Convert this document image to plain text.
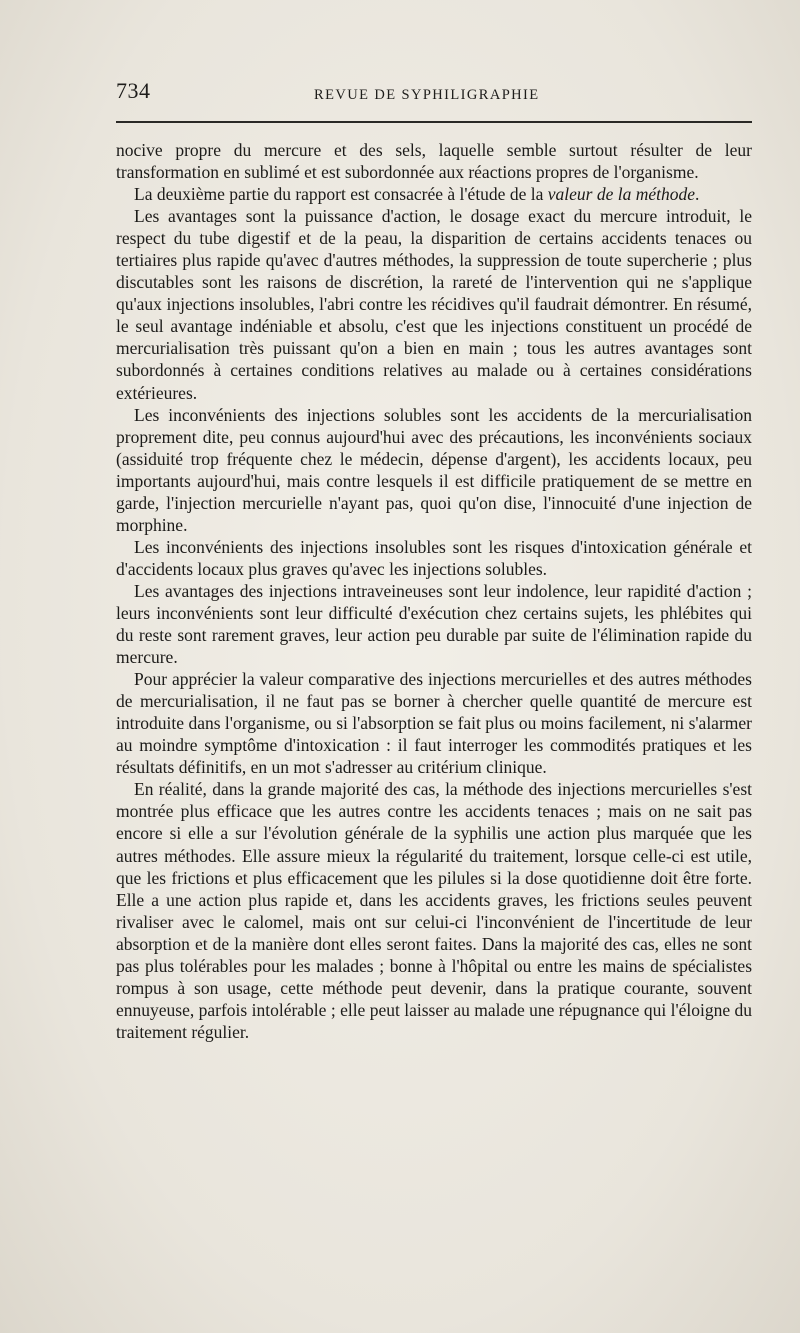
734	REVUE DE SYPHILIGRAPHIE

nocive propre du mercure et des sels, laquelle semble surtout résulter de leur transformation en sublimé et est subordonnée aux réactions propres de l'organisme.

La deuxième partie du rapport est consacrée à l'étude de la valeur de la méthode.

Les avantages sont la puissance d'action, le dosage exact du mercure introduit, le respect du tube digestif et de la peau, la disparition de certains accidents tenaces ou tertiaires plus rapide qu'avec d'autres méthodes, la suppression de toute supercherie ; plus discutables sont les raisons de discrétion, la rareté de l'intervention qui ne s'applique qu'aux injections insolubles, l'abri contre les récidives qu'il faudrait démontrer. En résumé, le seul avantage indéniable et absolu, c'est que les injections constituent un procédé de mercurialisation très puissant qu'on a bien en main ; tous les autres avantages sont subordonnés à certaines conditions relatives au malade ou à certaines considérations extérieures.

Les inconvénients des injections solubles sont les accidents de la mercurialisation proprement dite, peu connus aujourd'hui avec des précautions, les inconvénients sociaux (assiduité trop fréquente chez le médecin, dépense d'argent), les accidents locaux, peu importants aujourd'hui, mais contre lesquels il est difficile pratiquement de se mettre en garde, l'injection mercurielle n'ayant pas, quoi qu'on dise, l'innocuité d'une injection de morphine.

Les inconvénients des injections insolubles sont les risques d'intoxication générale et d'accidents locaux plus graves qu'avec les injections solubles.

Les avantages des injections intraveineuses sont leur indolence, leur rapidité d'action ; leurs inconvénients sont leur difficulté d'exécution chez certains sujets, les phlébites qui du reste sont rarement graves, leur action peu durable par suite de l'élimination rapide du mercure.

Pour apprécier la valeur comparative des injections mercurielles et des autres méthodes de mercurialisation, il ne faut pas se borner à chercher quelle quantité de mercure est introduite dans l'organisme, ou si l'absorption se fait plus ou moins facilement, ni s'alarmer au moindre symptôme d'intoxication : il faut interroger les commodités pratiques et les résultats définitifs, en un mot s'adresser au critérium clinique.

En réalité, dans la grande majorité des cas, la méthode des injections mercurielles s'est montrée plus efficace que les autres contre les accidents tenaces ; mais on ne sait pas encore si elle a sur l'évolution générale de la syphilis une action plus marquée que les autres méthodes. Elle assure mieux la régularité du traitement, lorsque celle-ci est utile, que les frictions et plus efficacement que les pilules si la dose quotidienne doit être forte. Elle a une action plus rapide et, dans les accidents graves, les frictions seules peuvent rivaliser avec le calomel, mais ont sur celui-ci l'inconvénient de l'incertitude de leur absorption et de la manière dont elles seront faites. Dans la majorité des cas, elles ne sont pas plus tolérables pour les malades ; bonne à l'hôpital ou entre les mains de spécialistes rompus à son usage, cette méthode peut devenir, dans la pratique courante, souvent ennuyeuse, parfois intolérable ; elle peut laisser au malade une répugnance qui l'éloigne du traitement régulier.
